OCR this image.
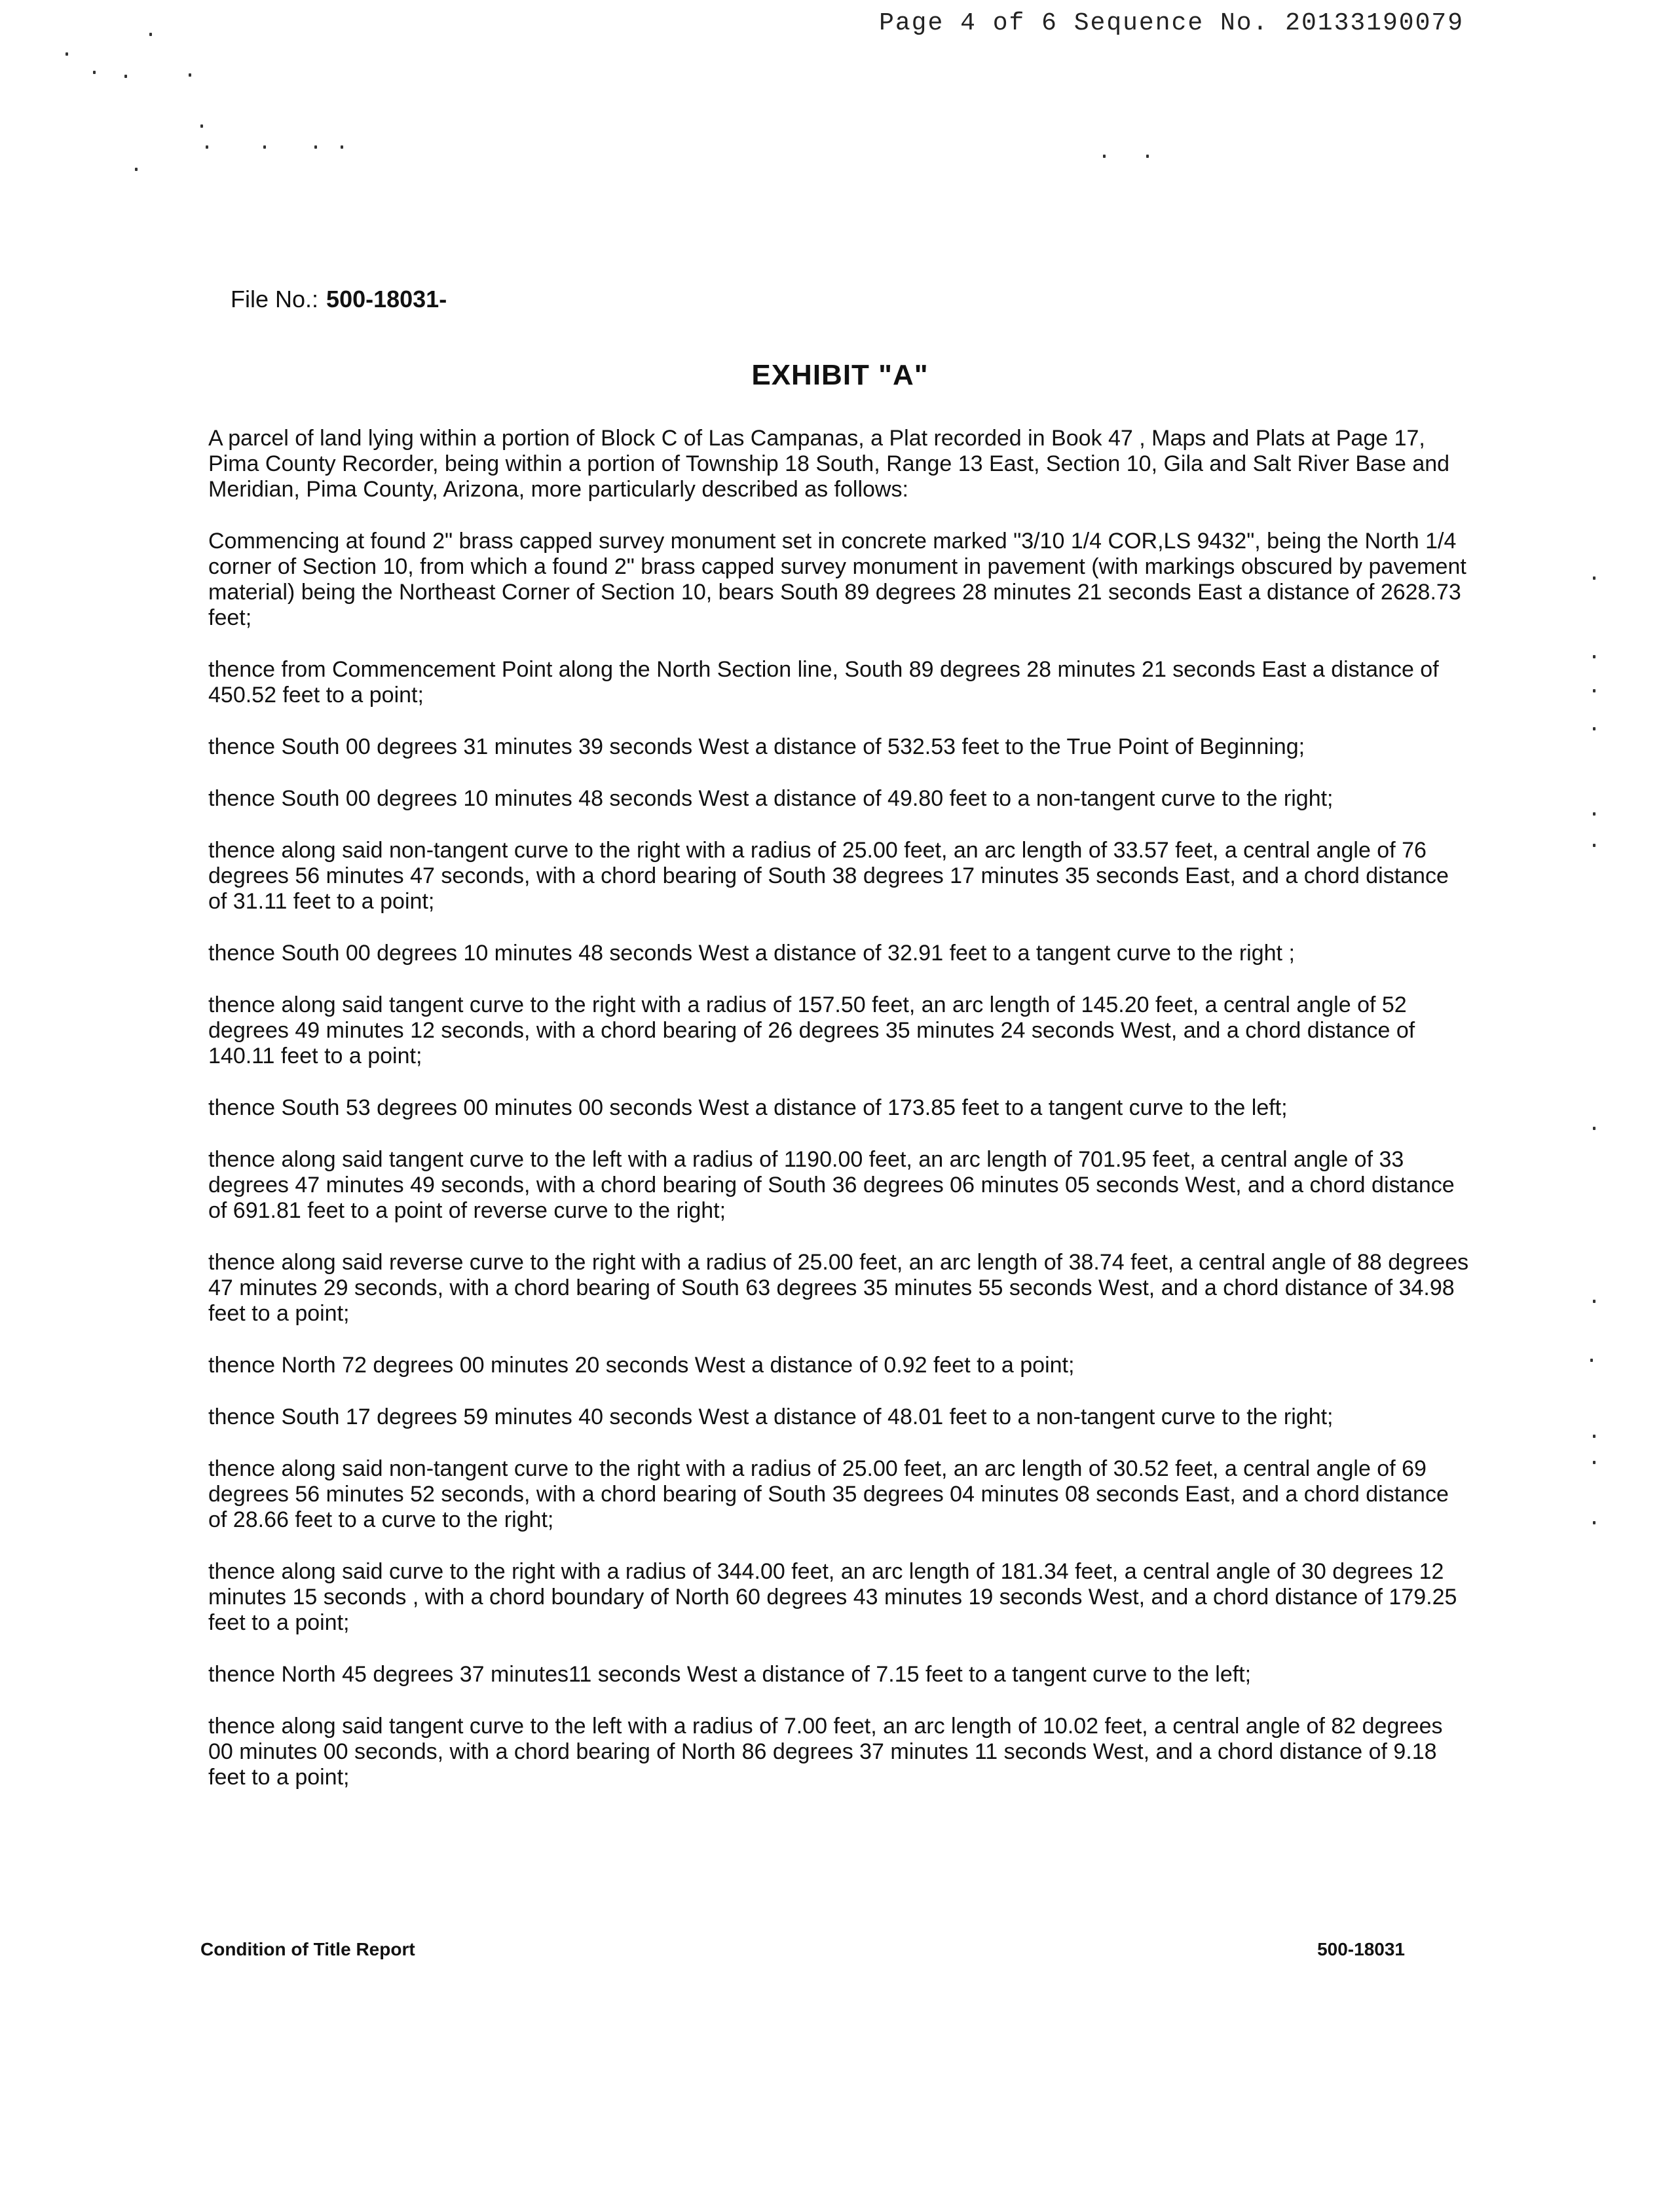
Page 4 of 6 Sequence No. 20133190079
File No.: 500-18031-
EXHIBIT "A"

A parcel of land lying within a portion of Block C of Las Campanas, a Plat recorded in Book 47 , Maps and Plats at Page 17, Pima County Recorder, being within a portion of Township 18 South, Range 13 East, Section 10, Gila and Salt River Base and Meridian, Pima County, Arizona, more particularly described as follows:

Commencing at found 2" brass capped survey monument set in concrete marked "3/10 1/4 COR,LS 9432", being the North 1/4 corner of Section 10, from which a found 2" brass capped survey monument in pavement (with markings obscured by pavement material) being the Northeast Corner of Section 10, bears South 89 degrees 28 minutes 21 seconds East a distance of 2628.73 feet;

thence from Commencement Point along the North Section line, South 89 degrees 28 minutes 21 seconds East a distance of 450.52 feet to a point;

thence South 00 degrees 31 minutes 39 seconds West a distance of 532.53 feet to the True Point of Beginning;

thence South 00 degrees 10 minutes 48 seconds West a distance of 49.80 feet to a non-tangent curve to the right;

thence along said non-tangent curve to the right with a radius of 25.00 feet, an arc length of 33.57 feet, a central angle of 76 degrees 56 minutes 47 seconds, with a chord bearing of South 38 degrees 17 minutes 35 seconds East, and a chord distance of 31.11 feet to a point;

thence South 00 degrees 10 minutes 48 seconds West a distance of 32.91 feet to a tangent curve to the right ;

thence along said tangent curve to the right with a radius of 157.50 feet, an arc length of 145.20 feet, a central angle of 52 degrees 49 minutes 12 seconds, with a chord bearing of 26 degrees 35 minutes 24 seconds West, and a chord distance of 140.11 feet to a point;

thence South 53 degrees 00 minutes 00 seconds West a distance of 173.85 feet to a tangent curve to the left;

thence along said tangent curve to the left with a radius of 1190.00 feet, an arc length of 701.95 feet, a central angle of 33 degrees 47 minutes 49 seconds, with a chord bearing of South 36 degrees 06 minutes 05 seconds West, and a chord distance of 691.81 feet to a point of reverse curve to the right;

thence along said reverse curve to the right with a radius of 25.00 feet, an arc length of 38.74 feet, a central angle of 88 degrees 47 minutes 29 seconds, with a chord bearing of South 63 degrees 35 minutes 55 seconds West, and a chord distance of 34.98 feet to a point;

thence North 72 degrees 00 minutes 20 seconds West a distance of 0.92 feet to a point;

thence South 17 degrees 59 minutes 40 seconds West a distance of 48.01 feet to a non-tangent curve to the right;

thence along said non-tangent curve to the right with a radius of 25.00 feet, an arc length of 30.52 feet, a central angle of 69 degrees 56 minutes 52 seconds, with a chord bearing of South 35 degrees 04 minutes 08 seconds East, and a chord distance of 28.66 feet to a curve to the right;

thence along said curve to the right with a radius of 344.00 feet, an arc length of 181.34 feet, a central angle of 30 degrees 12 minutes 15 seconds , with a chord boundary of North 60 degrees 43 minutes 19 seconds West, and a chord distance of 179.25 feet to a point;

thence North 45 degrees 37 minutes11 seconds West a distance of 7.15 feet to a tangent curve to the left;

thence along said tangent curve to the left with a radius of 7.00 feet, an arc length of 10.02 feet, a central angle of 82 degrees 00 minutes 00 seconds, with a chord bearing of North 86 degrees 37 minutes 11 seconds West, and a chord distance of 9.18 feet to a point;

Condition of Title Report	500-18031
